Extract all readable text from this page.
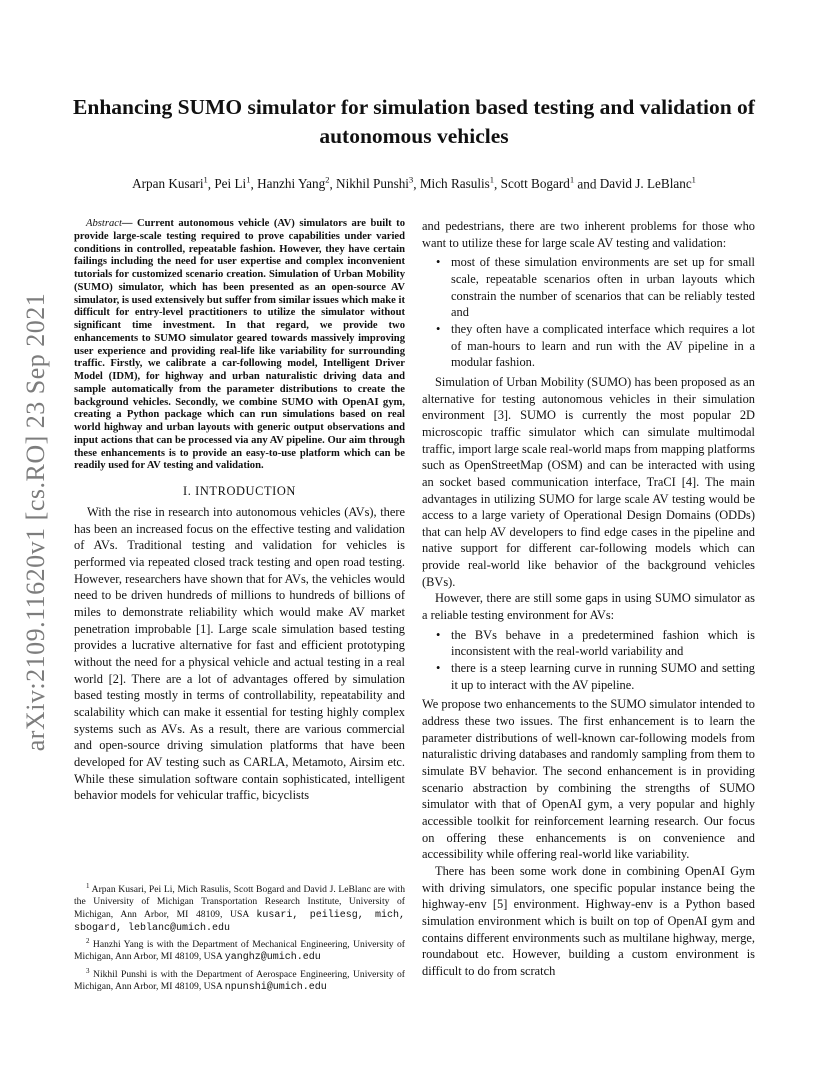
arXiv:2109.11620v1 [cs.RO] 23 Sep 2021
Enhancing SUMO simulator for simulation based testing and validation of autonomous vehicles
Arpan Kusari$^1$, Pei Li$^1$, Hanzhi Yang$^2$, Nikhil Punshi$^3$, Mich Rasulis$^1$, Scott Bogard$^1$ and David J. LeBlanc$^1$

Abstract— Current autonomous vehicle (AV) simulators are built to provide large-scale testing required to prove capabilities under varied conditions in controlled, repeatable fashion. However, they have certain failings including the need for user expertise and complex inconvenient tutorials for customized scenario creation. Simulation of Urban Mobility (SUMO) simulator, which has been presented as an open-source AV simulator, is used extensively but suffer from similar issues which make it difficult for entry-level practitioners to utilize the simulator without significant time investment. In that regard, we provide two enhancements to SUMO simulator geared towards massively improving user experience and providing real-life like variability for surrounding traffic. Firstly, we calibrate a car-following model, Intelligent Driver Model (IDM), for highway and urban naturalistic driving data and sample automatically from the parameter distributions to create the background vehicles. Secondly, we combine SUMO with OpenAI gym, creating a Python package which can run simulations based on real world highway and urban layouts with generic output observations and input actions that can be processed via any AV pipeline. Our aim through these enhancements is to provide an easy-to-use platform which can be readily used for AV testing and validation.

I. INTRODUCTION

With the rise in research into autonomous vehicles (AVs), there has been an increased focus on the effective testing and validation of AVs. Traditional testing and validation for vehicles is performed via repeated closed track testing and open road testing. However, researchers have shown that for AVs, the vehicles would need to be driven hundreds of millions to hundreds of billions of miles to demonstrate reliability which would make AV market penetration improbable [1]. Large scale simulation based testing provides a lucrative alternative for fast and efficient prototyping without the need for a physical vehicle and actual testing in a real world [2]. There are a lot of advantages offered by simulation based testing mostly in terms of controllability, repeatability and scalability which can make it essential for testing highly complex systems such as AVs. As a result, there are various commercial and open-source driving simulation platforms that have been developed for AV testing such as CARLA, Metamoto, Airsim etc. While these simulation software contain sophisticated, intelligent behavior models for vehicular traffic, bicyclists

$^1$ Arpan Kusari, Pei Li, Mich Rasulis, Scott Bogard and David J. LeBlanc are with the University of Michigan Transportation Research Institute, University of Michigan, Ann Arbor, MI 48109, USA kusari, peiliesg, mich, sbogard, leblanc@umich.edu

$^2$ Hanzhi Yang is with the Department of Mechanical Engineering, University of Michigan, Ann Arbor, MI 48109, USA yanghz@umich.edu

$^3$ Nikhil Punshi is with the Department of Aerospace Engineering, University of Michigan, Ann Arbor, MI 48109, USA npunshi@umich.edu

and pedestrians, there are two inherent problems for those who want to utilize these for large scale AV testing and validation:

• most of these simulation environments are set up for small scale, repeatable scenarios often in urban layouts which constrain the number of scenarios that can be reliably tested and
• they often have a complicated interface which requires a lot of man-hours to learn and run with the AV pipeline in a modular fashion.

Simulation of Urban Mobility (SUMO) has been proposed as an alternative for testing autonomous vehicles in their simulation environment [3]. SUMO is currently the most popular 2D microscopic traffic simulator which can simulate multimodal traffic, import large scale real-world maps from mapping platforms such as OpenStreetMap (OSM) and can be interacted with using an socket based communication interface, TraCI [4]. The main advantages in utilizing SUMO for large scale AV testing would be access to a large variety of Operational Design Domains (ODDs) that can help AV developers to find edge cases in the pipeline and native support for different car-following models which can provide real-world like behavior of the background vehicles (BVs).

However, there are still some gaps in using SUMO simulator as a reliable testing environment for AVs:

• the BVs behave in a predetermined fashion which is inconsistent with the real-world variability and
• there is a steep learning curve in running SUMO and setting it up to interact with the AV pipeline.

We propose two enhancements to the SUMO simulator intended to address these two issues. The first enhancement is to learn the parameter distributions of well-known car-following models from naturalistic driving databases and randomly sampling from them to simulate BV behavior. The second enhancement is in providing scenario abstraction by combining the strengths of SUMO simulator with that of OpenAI gym, a very popular and highly accessible toolkit for reinforcement learning research. Our focus on offering these enhancements is on convenience and accessibility while offering real-world like variability.

There has been some work done in combining OpenAI Gym with driving simulators, one specific popular instance being the highway-env [5] environment. Highway-env is a Python based simulation environment which is built on top of OpenAI gym and contains different environments such as multilane highway, merge, roundabout etc. However, building a custom environment is difficult to do from scratch
